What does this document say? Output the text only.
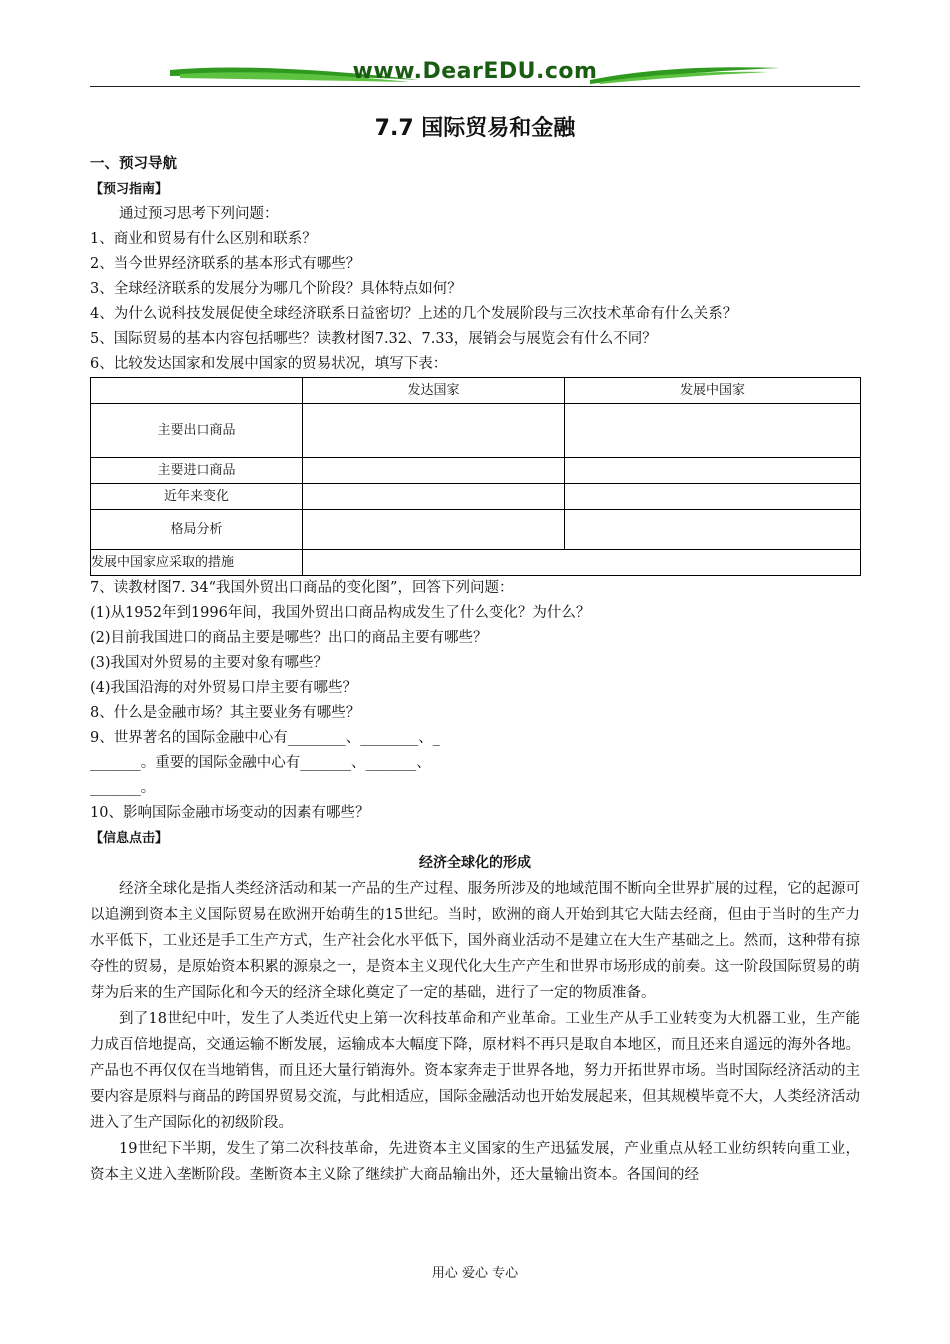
www.DearEDU.com
7.7 国际贸易和金融
一、预习导航
【预习指南】
通过预习思考下列问题：
1、商业和贸易有什么区别和联系？
2、当今世界经济联系的基本形式有哪些？
3、全球经济联系的发展分为哪几个阶段？具体特点如何？
4、为什么说科技发展促使全球经济联系日益密切？上述的几个发展阶段与三次技术革命有什么关系？
5、国际贸易的基本内容包括哪些？读教材图7.32、7.33，展销会与展览会有什么不同？
6、比较发达国家和发展中国家的贸易状况，填写下表：
	发达国家	发展中国家
主要出口商品		
主要进口商品		
近年来变化		
格局分析		
发展中国家应采取的措施		
7、读教材图7. 34“我国外贸出口商品的变化图”，回答下列问题：
(1)从1952年到1996年间，我国外贸出口商品构成发生了什么变化？为什么？
(2)目前我国进口的商品主要是哪些？出口的商品主要有哪些？
(3)我国对外贸易的主要对象有哪些？
(4)我国沿海的对外贸易口岸主要有哪些？
8、什么是金融市场？其主要业务有哪些？
9、世界著名的国际金融中心有________、________、_
_______。重要的国际金融中心有_______、_______、
_______。
10、影响国际金融市场变动的因素有哪些？
【信息点击】
经济全球化的形成
经济全球化是指人类经济活动和某一产品的生产过程、服务所涉及的地域范围不断向全世界扩展的过程，它的起源可以追溯到资本主义国际贸易在欧洲开始萌生的15世纪。当时，欧洲的商人开始到其它大陆去经商，但由于当时的生产力水平低下，工业还是手工生产方式，生产社会化水平低下，国外商业活动不是建立在大生产基础之上。然而，这种带有掠夺性的贸易，是原始资本积累的源泉之一，是资本主义现代化大生产产生和世界市场形成的前奏。这一阶段国际贸易的萌芽为后来的生产国际化和今天的经济全球化奠定了一定的基础，进行了一定的物质准备。
到了18世纪中叶，发生了人类近代史上第一次科技革命和产业革命。工业生产从手工业转变为大机器工业，生产能力成百倍地提高，交通运输不断发展，运输成本大幅度下降，原材料不再只是取自本地区，而且还来自遥远的海外各地。产品也不再仅仅在当地销售，而且还大量行销海外。资本家奔走于世界各地，努力开拓世界市场。当时国际经济活动的主要内容是原料与商品的跨国界贸易交流，与此相适应，国际金融活动也开始发展起来，但其规模毕竟不大，人类经济活动进入了生产国际化的初级阶段。
19世纪下半期，发生了第二次科技革命，先进资本主义国家的生产迅猛发展，产业重点从轻工业纺织转向重工业，资本主义进入垄断阶段。垄断资本主义除了继续扩大商品输出外，还大量输出资本。各国间的经
用心 爱心 专心
